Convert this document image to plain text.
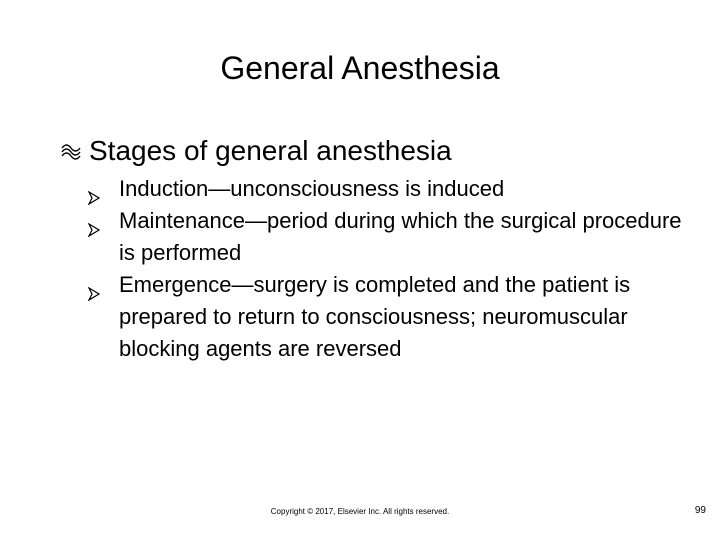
General Anesthesia
Stages of general anesthesia
Induction—unconsciousness is induced
Maintenance—period during which the surgical procedure is performed
Emergence—surgery is completed and the patient is prepared to return to consciousness; neuromuscular blocking agents are reversed
Copyright © 2017, Elsevier Inc. All rights reserved.	99
